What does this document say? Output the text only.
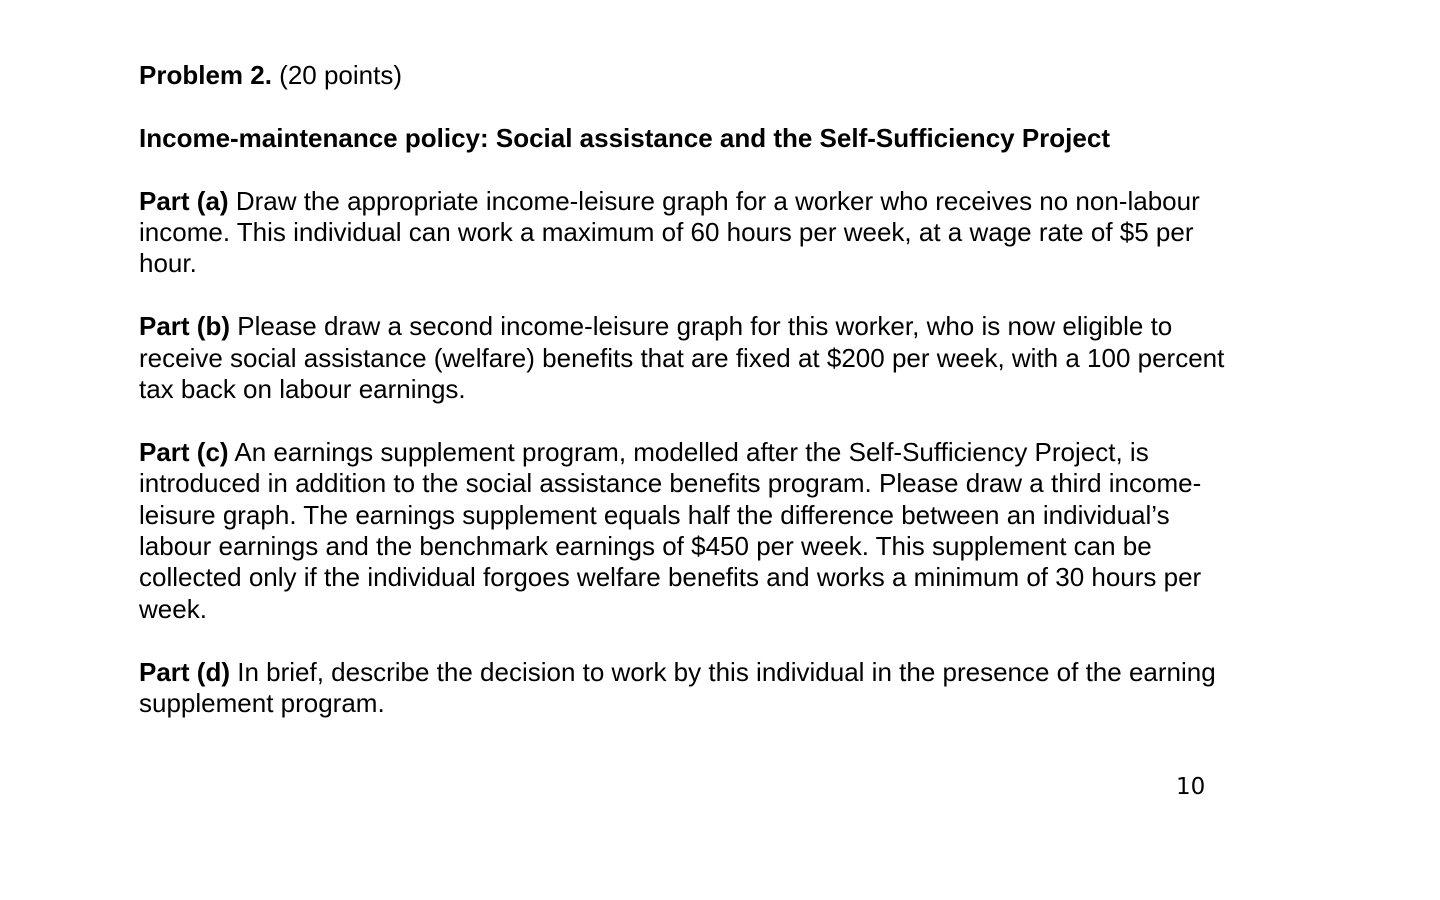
Problem 2. (20 points)

Income-maintenance policy: Social assistance and the Self-Sufficiency Project

Part (a) Draw the appropriate income-leisure graph for a worker who receives no non-labour income. This individual can work a maximum of 60 hours per week, at a wage rate of $5 per hour.

Part (b) Please draw a second income-leisure graph for this worker, who is now eligible to receive social assistance (welfare) benefits that are fixed at $200 per week, with a 100 percent tax back on labour earnings.

Part (c) An earnings supplement program, modelled after the Self-Sufficiency Project, is introduced in addition to the social assistance benefits program. Please draw a third income-leisure graph. The earnings supplement equals half the difference between an individual’s labour earnings and the benchmark earnings of $450 per week. This supplement can be collected only if the individual forgoes welfare benefits and works a minimum of 30 hours per week.

Part (d) In brief, describe the decision to work by this individual in the presence of the earning supplement program.

10
